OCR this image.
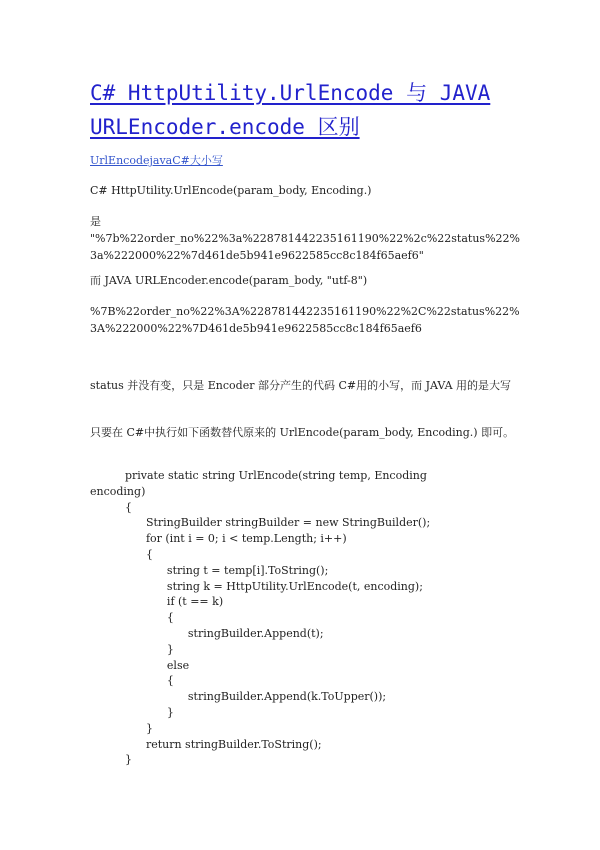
C# HttpUtility.UrlEncode 与 JAVA URLEncoder.encode 区别
UrlEncodejavaC#大小写

C# HttpUtility.UrlEncode(param_body, Encoding.)

是
"%7b%22order_no%22%3a%228781442235161190%22%2c%22status%22%3a%222000%22%7d461de5b941e9622585cc8c184f65aef6"

而 JAVA URLEncoder.encode(param_body, "utf-8")

%7B%22order_no%22%3A%228781442235161190%22%2C%22status%22%3A%222000%22%7D461de5b941e9622585cc8c184f65aef6

status 并没有变，只是 Encoder 部分产生的代码 C#用的小写，而 JAVA 用的是大写

只要在 C#中执行如下函数替代原来的 UrlEncode(param_body, Encoding.) 即可。

private static string UrlEncode(string temp, Encoding
encoding)
{
StringBuilder stringBuilder = new StringBuilder();
for (int i = 0; i < temp.Length; i++)
{
string t = temp[i].ToString();
string k = HttpUtility.UrlEncode(t, encoding);
if (t == k)
{
stringBuilder.Append(t);
}
else
{
stringBuilder.Append(k.ToUpper());
}
}
return stringBuilder.ToString();
}
